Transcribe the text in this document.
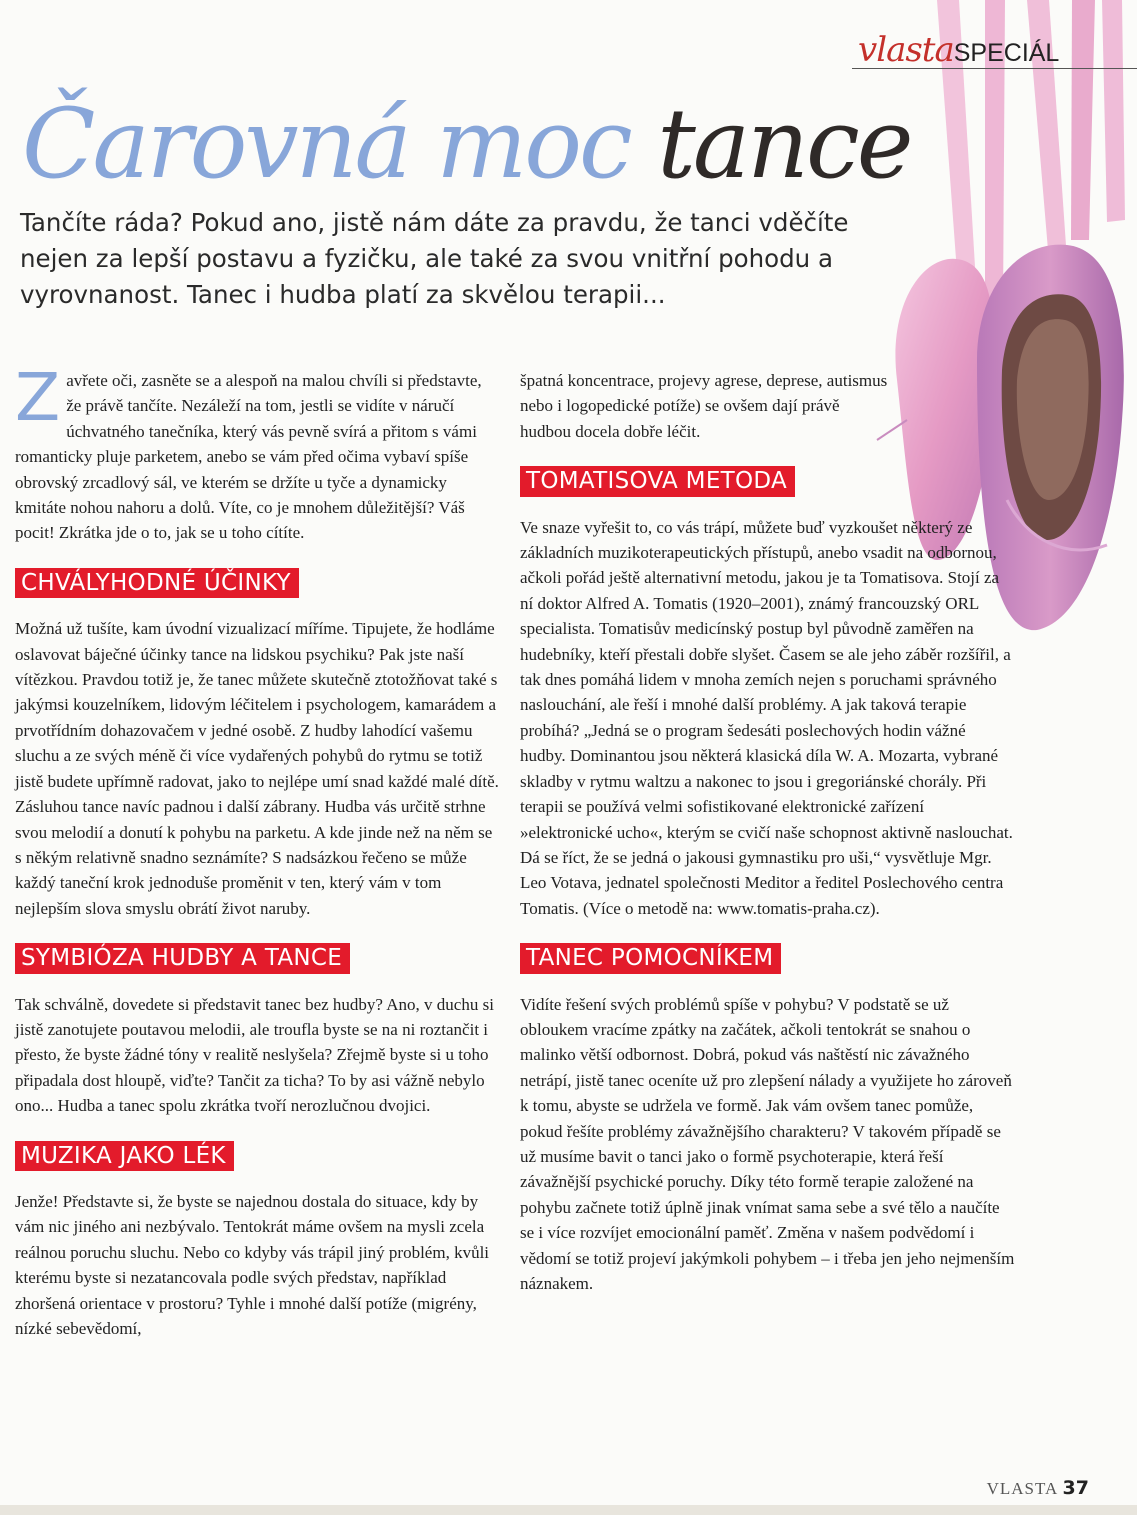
vlastaSPECIÁL
Čarovná moc tance
Tančíte ráda? Pokud ano, jistě nám dáte za pravdu, že tanci vděčíte nejen za lepší postavu a fyzičku, ale také za svou vnitřní pohodu a vyrovnanost. Tanec i hudba platí za skvělou terapii...

Zavřete oči, zasněte se a alespoň na malou chvíli si představte, že právě tančíte. Nezáleží na tom, jestli se vidíte v náručí úchvatného tanečníka, který vás pevně svírá a přitom s vámi romanticky pluje parketem, anebo se vám před očima vybaví spíše obrovský zrcadlový sál, ve kterém se držíte u tyče a dynamicky kmitáte nohou nahoru a dolů. Víte, co je mnohem důležitější? Váš pocit! Zkrátka jde o to, jak se u toho cítíte.

CHVÁLYHODNÉ ÚČINKY

Možná už tušíte, kam úvodní vizualizací míříme. Tipujete, že hodláme oslavovat báječné účinky tance na lidskou psychiku? Pak jste naší vítězkou. Pravdou totiž je, že tanec můžete skutečně ztotožňovat také s jakýmsi kouzelníkem, lidovým léčitelem i psychologem, kamarádem a prvotřídním dohazovačem v jedné osobě. Z hudby lahodící vašemu sluchu a ze svých méně či více vydařených pohybů do rytmu se totiž jistě budete upřímně radovat, jako to nejlépe umí snad každé malé dítě. Zásluhou tance navíc padnou i další zábrany. Hudba vás určitě strhne svou melodií a donutí k pohybu na parketu. A kde jinde než na něm se s někým relativně snadno seznámíte? S nadsázkou řečeno se může každý taneční krok jednoduše proměnit v ten, který vám v tom nejlepším slova smyslu obrátí život naruby.

SYMBIÓZA HUDBY A TANCE

Tak schválně, dovedete si představit tanec bez hudby? Ano, v duchu si jistě zanotujete poutavou melodii, ale troufla byste se na ni roztančit i přesto, že byste žádné tóny v realitě neslyšela? Zřejmě byste si u toho připadala dost hloupě, viďte? Tančit za ticha? To by asi vážně nebylo ono... Hudba a tanec spolu zkrátka tvoří nerozlučnou dvojici.

MUZIKA JAKO LÉK

Jenže! Představte si, že byste se najednou dostala do situace, kdy by vám nic jiného ani nezbývalo. Tentokrát máme ovšem na mysli zcela reálnou poruchu sluchu. Nebo co kdyby vás trápil jiný problém, kvůli kterému byste si nezatancovala podle svých představ, například zhoršená orientace v prostoru? Tyhle i mnohé další potíže (migrény, nízké sebevědomí,

špatná koncentrace, projevy agrese, deprese, autismus nebo i logopedické potíže) se ovšem dají právě hudbou docela dobře léčit.

TOMATISOVA METODA

Ve snaze vyřešit to, co vás trápí, můžete buď vyzkoušet některý ze základních muzikoterapeutických přístupů, anebo vsadit na odbornou, ačkoli pořád ještě alternativní metodu, jakou je ta Tomatisova. Stojí za ní doktor Alfred A. Tomatis (1920–2001), známý francouzský ORL specialista. Tomatisův medicínský postup byl původně zaměřen na hudebníky, kteří přestali dobře slyšet. Časem se ale jeho záběr rozšířil, a tak dnes pomáhá lidem v mnoha zemích nejen s poruchami správného naslouchání, ale řeší i mnohé další problémy. A jak taková terapie probíhá? „Jedná se o program šedesáti poslechových hodin vážné hudby. Dominantou jsou některá klasická díla W. A. Mozarta, vybrané skladby v rytmu waltzu a nakonec to jsou i gregoriánské chorály. Při terapii se používá velmi sofistikované elektronické zařízení »elektronické ucho«, kterým se cvičí naše schopnost aktivně naslouchat. Dá se říct, že se jedná o jakousi gymnastiku pro uši,“ vysvětluje Mgr. Leo Votava, jednatel společnosti Meditor a ředitel Poslechového centra Tomatis. (Více o metodě na: www.tomatis-praha.cz).

TANEC POMOCNÍKEM

Vidíte řešení svých problémů spíše v pohybu? V podstatě se už obloukem vracíme zpátky na začátek, ačkoli tentokrát se snahou o malinko větší odbornost. Dobrá, pokud vás naštěstí nic závažného netrápí, jistě tanec oceníte už pro zlepšení nálady a využijete ho zároveň k tomu, abyste se udržela ve formě. Jak vám ovšem tanec pomůže, pokud řešíte problémy závažnějšího charakteru? V takovém případě se už musíme bavit o tanci jako o formě psychoterapie, která řeší závažnější psychické poruchy. Díky této formě terapie založené na pohybu začnete totiž úplně jinak vnímat sama sebe a své tělo a naučíte se i více rozvíjet emocionální paměť. Změna v našem podvědomí i vědomí se totiž projeví jakýmkoli pohybem – i třeba jen jeho nejmenším náznakem.

VLASTA 37
